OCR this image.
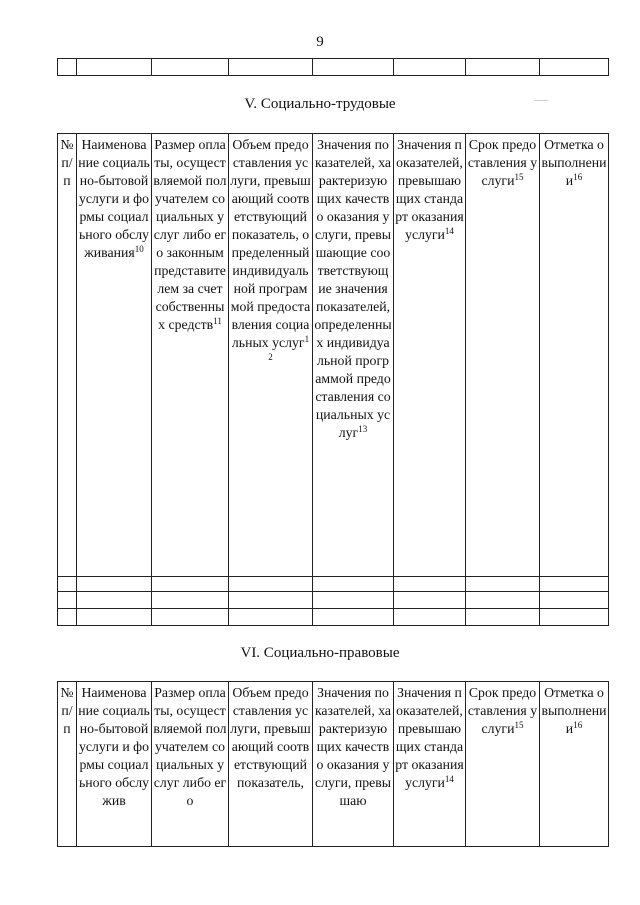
9

V. Социально-трудовые
№ п/п	Наименование социально-бытовой услуги и формы социального обслуживания$^{10}$	Размер оплаты, осуществляемой получателем социальных услуг либо его законным представителем за счет собственных средств$^{11}$	Объем предоставления услуги, превышающий соответствующий показатель, определенный индивидуальной программой предоставления социальных услуг$^{12}$	Значения показателей, характеризующих качество оказания услуги, превышающие соответствующие значения показателей, определенных индивидуальной программой предоставления социальных услуг$^{13}$	Значения показателей, превышающих стандарт оказания услуги$^{14}$	Срок предоставления услуги$^{15}$	Отметка о выполнении$^{16}$

VI. Социально-правовые
№ п/п	Наименование социально-бытовой услуги и формы социального обслужив	Размер оплаты, осуществляемой получателем социальных услуг либо его	Объем предоставления услуги, превышающий соответствующий показатель,	Значения показателей, характеризующих качество оказания услуги, превышаю	Значения показателей, превышающих стандарт оказания услуги$^{14}$	Срок предоставления услуги$^{15}$	Отметка о выполнении$^{16}$
